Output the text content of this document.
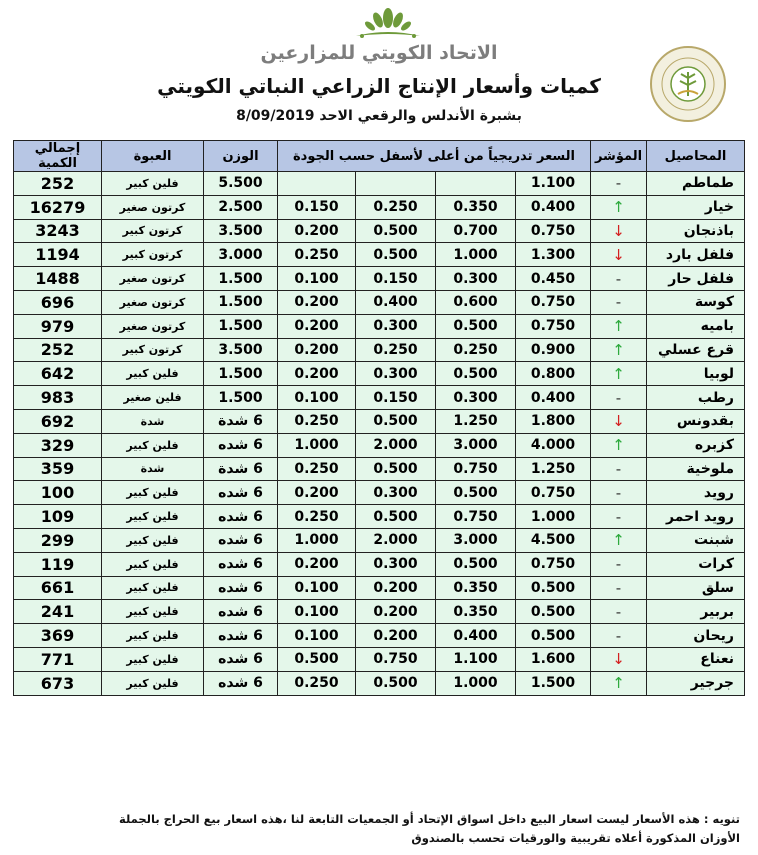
الاتحاد الكويتي للمزارعين
كميات وأسعار الإنتاج الزراعي النباتي الكويتي
بشبرة الأندلس والرقعي الاحد 8/09/2019
المحاصيل	المؤشر	السعر تدريجياً من أعلى لأسفل حسب الجودة				الوزن	العبوة	إجمالي الكمية
طماطم	-	1.100				5.500	فلين كبير	252
خيار	↑	0.400	0.350	0.250	0.150	2.500	كرتون صغير	16279
باذنجان	↓	0.750	0.700	0.500	0.200	3.500	كرتون كبير	3243
فلفل بارد	↓	1.300	1.000	0.500	0.250	3.000	كرتون كبير	1194
فلفل حار	-	0.450	0.300	0.150	0.100	1.500	كرتون صغير	1488
كوسة	-	0.750	0.600	0.400	0.200	1.500	كرتون صغير	696
باميه	↑	0.750	0.500	0.300	0.200	1.500	كرتون صغير	979
قرع عسلي	↑	0.900	0.250	0.250	0.200	3.500	كرتون كبير	252
لوبيا	↑	0.800	0.500	0.300	0.200	1.500	فلين كبير	642
رطب	-	0.400	0.300	0.150	0.100	1.500	فلين صغير	983
بقدونس	↓	1.800	1.250	0.500	0.250	6 شدة	شدة	692
كزبره	↑	4.000	3.000	2.000	1.000	6 شده	فلين كبير	329
ملوخية	-	1.250	0.750	0.500	0.250	6 شدة	شدة	359
رويد	-	0.750	0.500	0.300	0.200	6 شده	فلين كبير	100
رويد احمر	-	1.000	0.750	0.500	0.250	6 شده	فلين كبير	109
شبنت	↑	4.500	3.000	2.000	1.000	6 شده	فلين كبير	299
كرات	-	0.750	0.500	0.300	0.200	6 شده	فلين كبير	119
سلق	-	0.500	0.350	0.200	0.100	6 شده	فلين كبير	661
بربير	-	0.500	0.350	0.200	0.100	6 شده	فلين كبير	241
ريحان	-	0.500	0.400	0.200	0.100	6 شده	فلين كبير	369
نعناع	↓	1.600	1.100	0.750	0.500	6 شده	فلين كبير	771
جرجير	↑	1.500	1.000	0.500	0.250	6 شده	فلين كبير	673
تنويه : هذه الأسعار ليست اسعار البيع داخل اسواق الإتحاد أو الجمعيات التابعة لنا ،هذه اسعار بيع الحراج بالجملة
الأوزان المذكورة أعلاه تقريبية والورقيات تحسب بالصندوق
